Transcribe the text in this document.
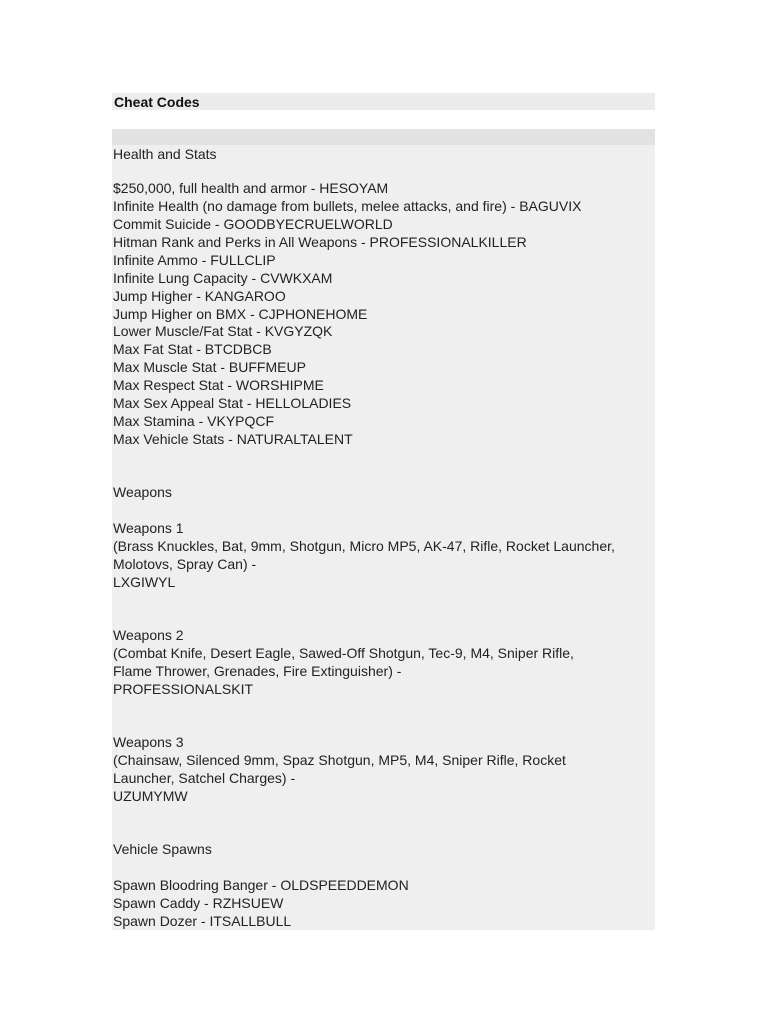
Cheat Codes
Health and Stats
$250,000, full health and armor - HESOYAM
Infinite Health (no damage from bullets, melee attacks, and fire) - BAGUVIX
Commit Suicide - GOODBYECRUELWORLD
Hitman Rank and Perks in All Weapons - PROFESSIONALKILLER
Infinite Ammo - FULLCLIP
Infinite Lung Capacity - CVWKXAM
Jump Higher - KANGAROO
Jump Higher on BMX - CJPHONEHOME
Lower Muscle/Fat Stat - KVGYZQK
Max Fat Stat - BTCDBCB
Max Muscle Stat - BUFFMEUP
Max Respect Stat - WORSHIPME
Max Sex Appeal Stat - HELLOLADIES
Max Stamina - VKYPQCF
Max Vehicle Stats - NATURALTALENT
Weapons
Weapons 1
(Brass Knuckles, Bat, 9mm, Shotgun, Micro MP5, AK-47, Rifle, Rocket Launcher,
Molotovs, Spray Can) -
LXGIWYL
Weapons 2
(Combat Knife, Desert Eagle, Sawed-Off Shotgun, Tec-9, M4, Sniper Rifle,
Flame Thrower, Grenades, Fire Extinguisher) -
PROFESSIONALSKIT
Weapons 3
(Chainsaw, Silenced 9mm, Spaz Shotgun, MP5, M4, Sniper Rifle, Rocket
Launcher, Satchel Charges) -
UZUMYMW
Vehicle Spawns
Spawn Bloodring Banger - OLDSPEEDDEMON
Spawn Caddy - RZHSUEW
Spawn Dozer - ITSALLBULL
